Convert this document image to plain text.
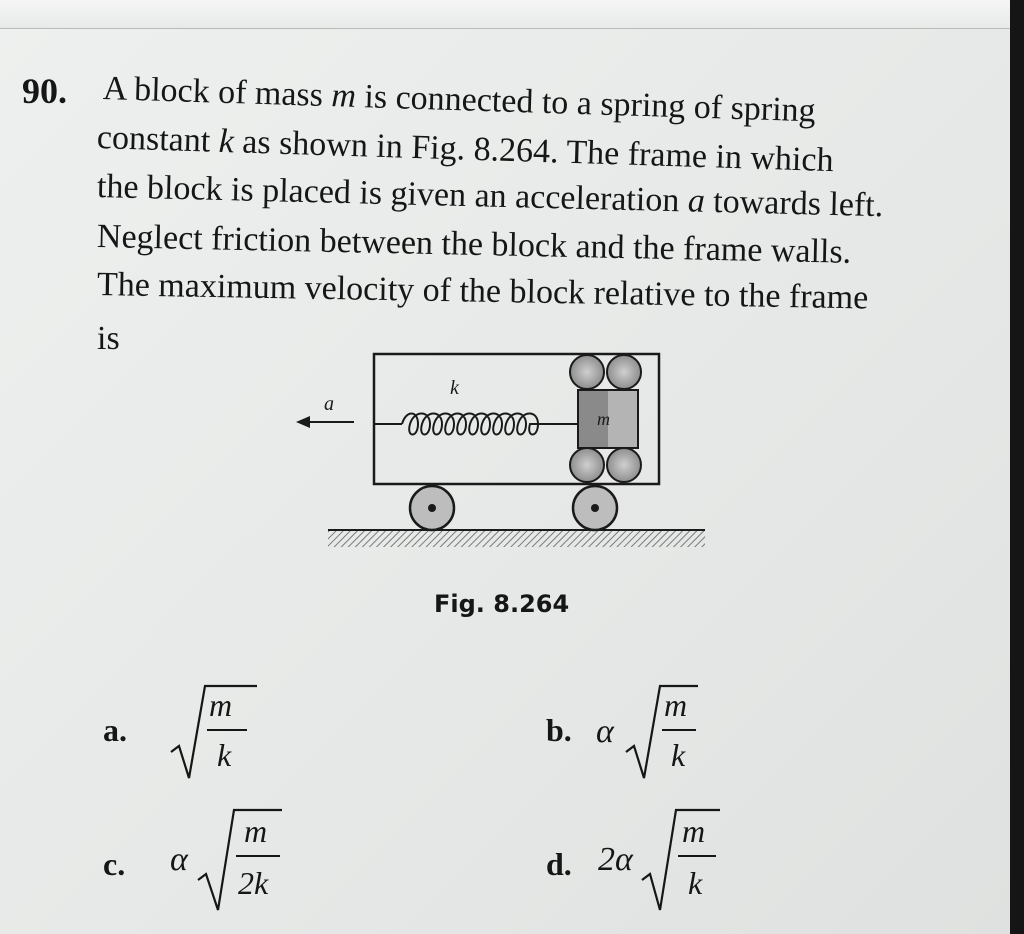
90. A block of mass m is connected to a spring of spring
constant k as shown in Fig. 8.264. The frame in which
the block is placed is given an acceleration a towards left.
Neglect friction between the block and the frame walls.
The maximum velocity of the block relative to the frame
is
a
k
m
Fig. 8.264
a.
m
k
b. α
m
k
c. α
m
2k
d. 2α
m
k
